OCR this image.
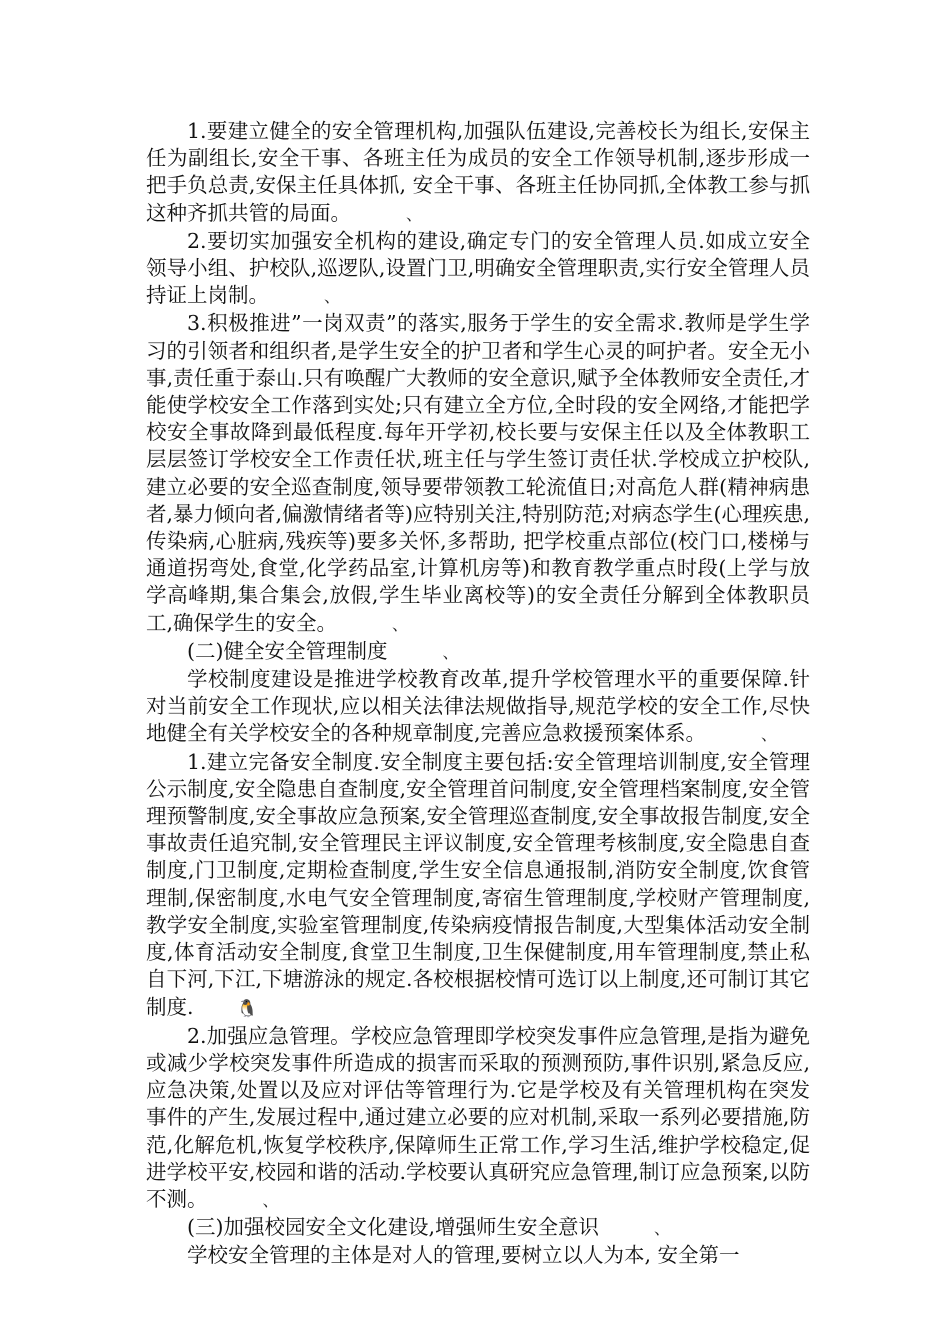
1.要建立健全的安全管理机构,加强队伍建设,完善校长为组长,安保主任为副组长,安全干事、各班主任为成员的安全工作领导机制,逐步形成一把手负总责,安保主任具体抓, 安全干事、各班主任协同抓,全体教工参与抓这种齐抓共管的局面。	、

2.要切实加强安全机构的建设,确定专门的安全管理人员.如成立安全领导小组、护校队,巡逻队,设置门卫,明确安全管理职责,实行安全管理人员持证上岗制。	、

3.积极推进”一岗双责”的落实,服务于学生的安全需求.教师是学生学习的引领者和组织者,是学生安全的护卫者和学生心灵的呵护者。安全无小事,责任重于泰山.只有唤醒广大教师的安全意识,赋予全体教师安全责任,才能使学校安全工作落到实处;只有建立全方位,全时段的安全网络,才能把学校安全事故降到最低程度.每年开学初,校长要与安保主任以及全体教职工层层签订学校安全工作责任状,班主任与学生签订责任状.学校成立护校队,建立必要的安全巡查制度,领导要带领教工轮流值日;对高危人群(精神病患者,暴力倾向者,偏激情绪者等)应特别关注,特别防范;对病态学生(心理疾患,传染病,心脏病,残疾等)要多关怀,多帮助, 把学校重点部位(校门口,楼梯与通道拐弯处,食堂,化学药品室,计算机房等)和教育教学重点时段(上学与放学高峰期,集合集会,放假,学生毕业离校等)的安全责任分解到全体教职员工,确保学生的安全。	、

(二)健全安全管理制度	、

学校制度建设是推进学校教育改革,提升学校管理水平的重要保障.针对当前安全工作现状,应以相关法律法规做指导,规范学校的安全工作,尽快地健全有关学校安全的各种规章制度,完善应急救援预案体系。	、

1.建立完备安全制度.安全制度主要包括:安全管理培训制度,安全管理公示制度,安全隐患自查制度,安全管理首问制度,安全管理档案制度,安全管理预警制度,安全事故应急预案,安全管理巡查制度,安全事故报告制度,安全事故责任追究制,安全管理民主评议制度,安全管理考核制度,安全隐患自查制度,门卫制度,定期检查制度,学生安全信息通报制,消防安全制度,饮食管理制,保密制度,水电气安全管理制度,寄宿生管理制度,学校财产管理制度,教学安全制度,实验室管理制度,传染病疫情报告制度,大型集体活动安全制度,体育活动安全制度,食堂卫生制度,卫生保健制度,用车管理制度,禁止私自下河,下江,下塘游泳的规定.各校根据校情可选订以上制度,还可制订其它制度.	🐧

2.加强应急管理。学校应急管理即学校突发事件应急管理,是指为避免或减少学校突发事件所造成的损害而采取的预测预防,事件识别,紧急反应,应急决策,处置以及应对评估等管理行为.它是学校及有关管理机构在突发事件的产生,发展过程中,通过建立必要的应对机制,采取一系列必要措施,防范,化解危机,恢复学校秩序,保障师生正常工作,学习生活,维护学校稳定,促进学校平安,校园和谐的活动.学校要认真研究应急管理,制订应急预案,以防不测。	、

(三)加强校园安全文化建设,增强师生安全意识	、

学校安全管理的主体是对人的管理,要树立以人为本, 安全第一
